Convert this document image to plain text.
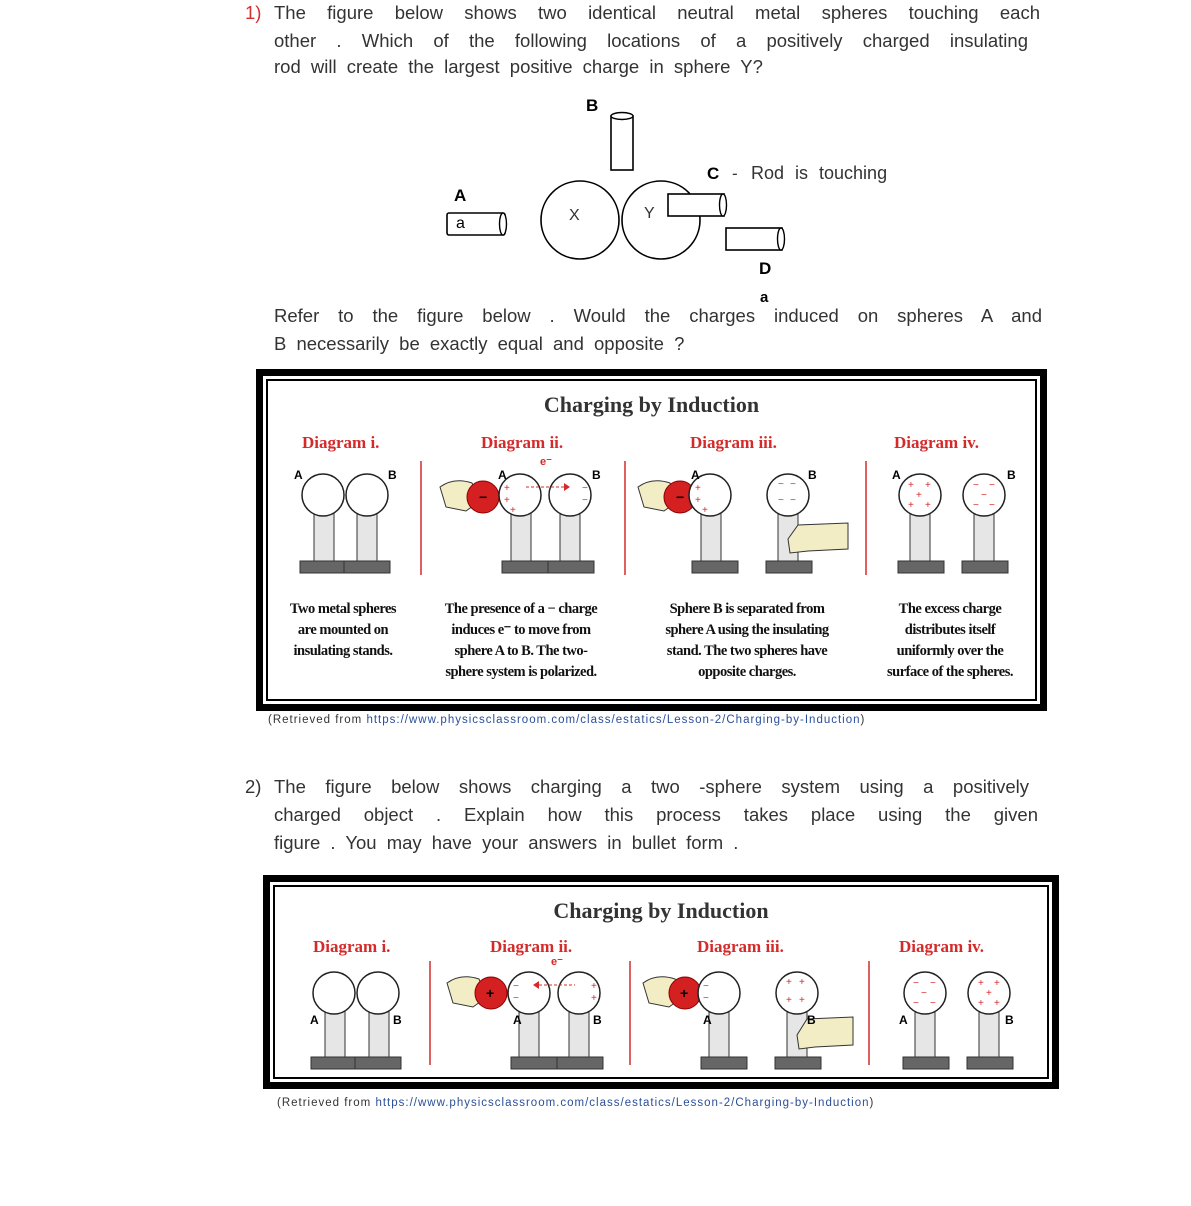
1) The figure below shows two identical neutral metal spheres touching each
other . Which of the following locations of a positively charged insulating
rod will create the largest positive charge in sphere Y?
B
A
a	X	Y
C - Rod is touching
D
a
Refer to the figure below . Would the charges induced on spheres A and
B necessarily be exactly equal and opposite ?
Charging by Induction
Diagram i.	Diagram ii.	Diagram iii.	Diagram iv.
−
+
+
+
−
−	−
+
+
+
− −
− −
+ +
+
+ +
− −
−
− −
A	B	A	B
e⁻
A	B	A	B
Two metal spheres
are mounted on
insulating stands.
The presence of a − charge
induces e⁻ to move from
sphere A to B. The two-
sphere system is polarized.
Sphere B is separated from
sphere A using the insulating
stand. The two spheres have
opposite charges.
The excess charge
distributes itself
uniformly over the
surface of the spheres.
(Retrieved from https://www.physicsclassroom.com/class/estatics/Lesson-2/Charging-by-Induction)
2) The figure below shows charging a two -sphere system using a positively
charged object . Explain how this process takes place using the given
figure . You may have your answers in bullet form .
Charging by Induction
Diagram i.	Diagram ii.	Diagram iii.	Diagram iv.
+ −
−
+
+	+ −
−
+ +
+ +
− −
−
− −
+ +
+
+ +
A	B	A	B
e⁻
A	B	A	B
(Retrieved from https://www.physicsclassroom.com/class/estatics/Lesson-2/Charging-by-Induction)
